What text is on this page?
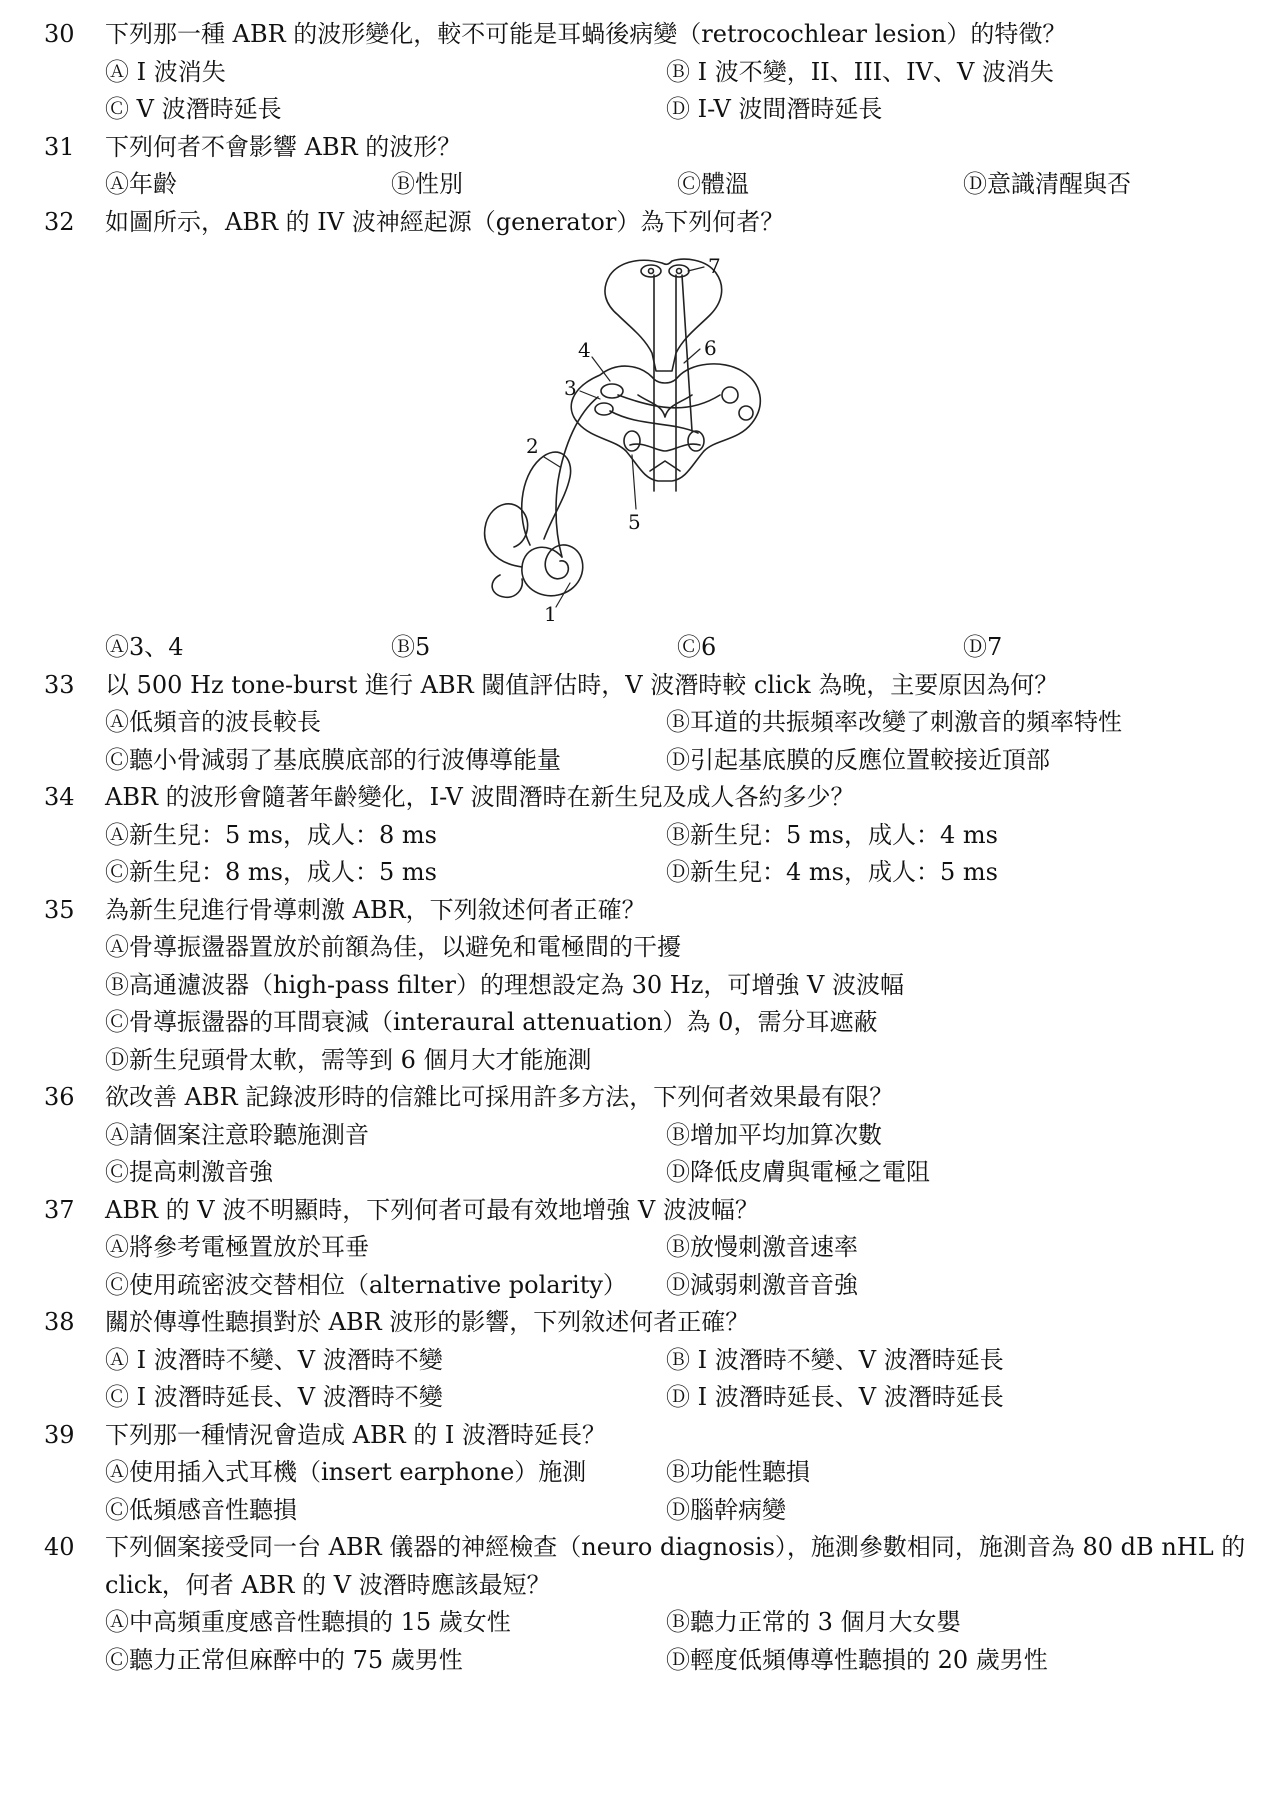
30	下列那一種 ABR 的波形變化，較不可能是耳蝸後病變（retrocochlear lesion）的特徵？
Ⓐ I 波消失	Ⓑ I 波不變，II、III、IV、V 波消失
Ⓒ V 波潛時延長	Ⓓ I-V 波間潛時延長
31	下列何者不會影響 ABR 的波形？
Ⓐ年齡	Ⓑ性別	Ⓒ體溫	Ⓓ意識清醒與否
32	如圖所示，ABR 的 IV 波神經起源（generator）為下列何者？
1
2
3
4
5
6
7
Ⓐ3、4	Ⓑ5	Ⓒ6	Ⓓ7
33	以 500 Hz tone-burst 進行 ABR 閾值評估時，V 波潛時較 click 為晚，主要原因為何？
Ⓐ低頻音的波長較長	Ⓑ耳道的共振頻率改變了刺激音的頻率特性
Ⓒ聽小骨減弱了基底膜底部的行波傳導能量	Ⓓ引起基底膜的反應位置較接近頂部
34	ABR 的波形會隨著年齡變化，I-V 波間潛時在新生兒及成人各約多少？
Ⓐ新生兒：5 ms，成人：8 ms	Ⓑ新生兒：5 ms，成人：4 ms
Ⓒ新生兒：8 ms，成人：5 ms	Ⓓ新生兒：4 ms，成人：5 ms
35	為新生兒進行骨導刺激 ABR，下列敘述何者正確？
Ⓐ骨導振盪器置放於前額為佳，以避免和電極間的干擾
Ⓑ高通濾波器（high-pass filter）的理想設定為 30 Hz，可增強 V 波波幅
Ⓒ骨導振盪器的耳間衰減（interaural attenuation）為 0，需分耳遮蔽
Ⓓ新生兒頭骨太軟，需等到 6 個月大才能施測
36	欲改善 ABR 記錄波形時的信雜比可採用許多方法，下列何者效果最有限？
Ⓐ請個案注意聆聽施測音	Ⓑ增加平均加算次數
Ⓒ提高刺激音強	Ⓓ降低皮膚與電極之電阻
37	ABR 的 V 波不明顯時，下列何者可最有效地增強 V 波波幅？
Ⓐ將參考電極置放於耳垂	Ⓑ放慢刺激音速率
Ⓒ使用疏密波交替相位（alternative polarity）	Ⓓ減弱刺激音音強
38	關於傳導性聽損對於 ABR 波形的影響，下列敘述何者正確？
Ⓐ I 波潛時不變、V 波潛時不變	Ⓑ I 波潛時不變、V 波潛時延長
Ⓒ I 波潛時延長、V 波潛時不變	Ⓓ I 波潛時延長、V 波潛時延長
39	下列那一種情況會造成 ABR 的 I 波潛時延長？
Ⓐ使用插入式耳機（insert earphone）施測	Ⓑ功能性聽損
Ⓒ低頻感音性聽損	Ⓓ腦幹病變
40	下列個案接受同一台 ABR 儀器的神經檢查（neuro diagnosis），施測參數相同，施測音為 80 dB nHL 的 click，何者 ABR 的 V 波潛時應該最短？
Ⓐ中高頻重度感音性聽損的 15 歲女性	Ⓑ聽力正常的 3 個月大女嬰
Ⓒ聽力正常但麻醉中的 75 歲男性	Ⓓ輕度低頻傳導性聽損的 20 歲男性
